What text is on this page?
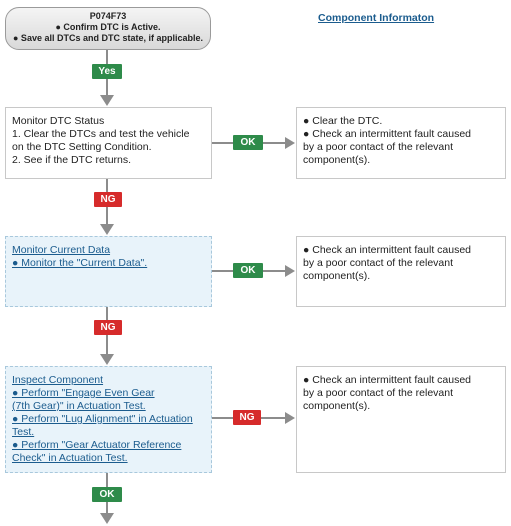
P074F73
● Confirm DTC is Active.
● Save all DTCs and DTC state, if applicable.
Component Informaton
Monitor DTC Status
1. Clear the DTCs and test the vehicle
on the DTC Setting Condition.
2. See if the DTC returns.
Monitor Current Data
● Monitor the "Current Data".
Inspect Component
● Perform "Engage Even Gear
(7th Gear)" in Actuation Test.
● Perform "Lug Alignment" in Actuation
Test.
● Perform "Gear Actuator Reference
Check" in Actuation Test.
● Clear the DTC.
● Check an intermittent fault caused
by a poor contact of the relevant
component(s).
● Check an intermittent fault caused
by a poor contact of the relevant
component(s).
● Check an intermittent fault caused
by a poor contact of the relevant
component(s).
Yes
OK
NG
OK
NG
NG
OK
